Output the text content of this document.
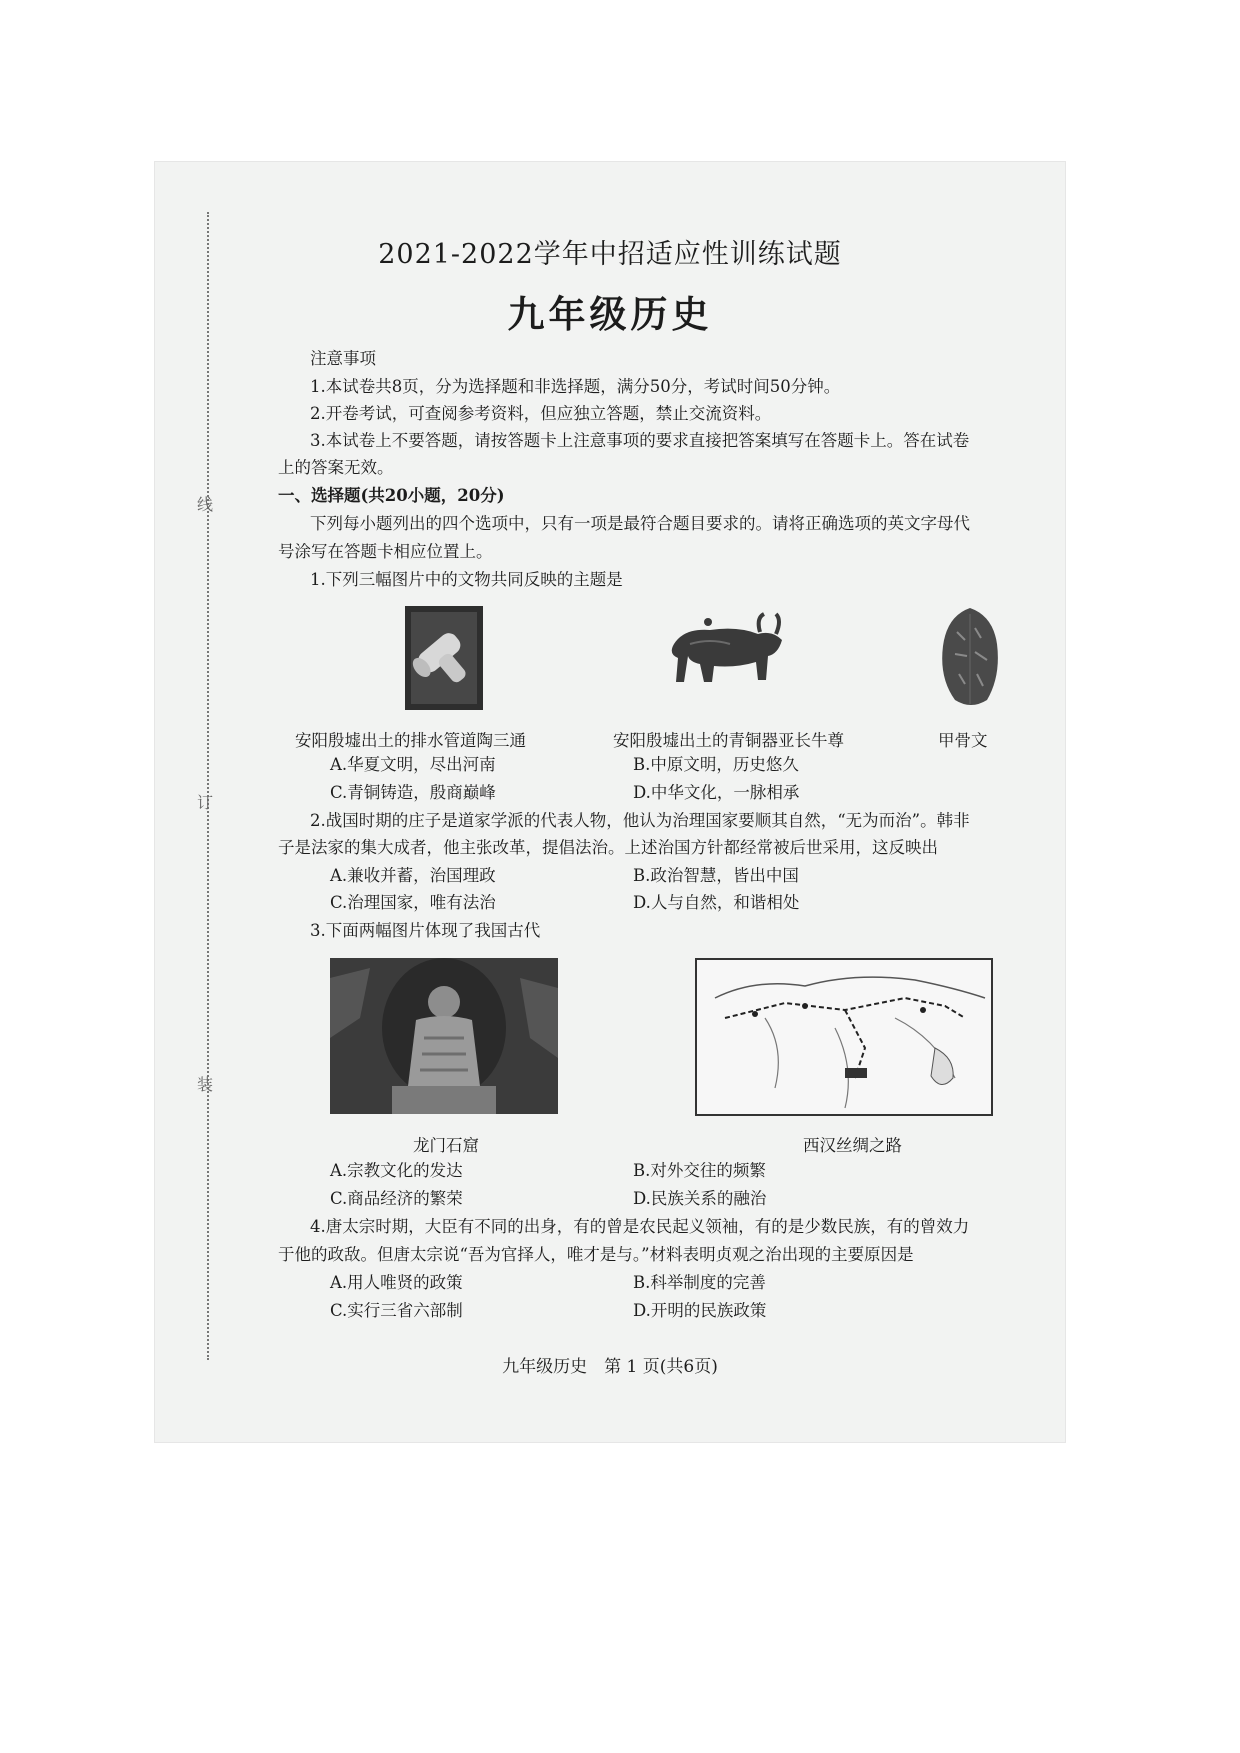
线
订
装
2021-2022学年中招适应性训练试题
九年级历史
注意事项
1.本试卷共8页，分为选择题和非选择题，满分50分，考试时间50分钟。
2.开卷考试，可查阅参考资料，但应独立答题，禁止交流资料。
3.本试卷上不要答题，请按答题卡上注意事项的要求直接把答案填写在答题卡上。答在试卷
上的答案无效。
一、选择题(共20小题，20分)
下列每小题列出的四个选项中，只有一项是最符合题目要求的。请将正确选项的英文字母代
号涂写在答题卡相应位置上。
1.下列三幅图片中的文物共同反映的主题是
安阳殷墟出土的排水管道陶三通	安阳殷墟出土的青铜器亚长牛尊	甲骨文
A.华夏文明，尽出河南	B.中原文明，历史悠久
C.青铜铸造，殷商巅峰	D.中华文化，一脉相承
2.战国时期的庄子是道家学派的代表人物，他认为治理国家要顺其自然，“无为而治”。韩非
子是法家的集大成者，他主张改革，提倡法治。上述治国方针都经常被后世采用，这反映出
A.兼收并蓄，治国理政	B.政治智慧，皆出中国
C.治理国家，唯有法治	D.人与自然，和谐相处
3.下面两幅图片体现了我国古代
龙门石窟	西汉丝绸之路
A.宗教文化的发达	B.对外交往的频繁
C.商品经济的繁荣	D.民族关系的融治
4.唐太宗时期，大臣有不同的出身，有的曾是农民起义领袖，有的是少数民族，有的曾效力
于他的政敌。但唐太宗说“吾为官择人，唯才是与。”材料表明贞观之治出现的主要原因是
A.用人唯贤的政策	B.科举制度的完善
C.实行三省六部制	D.开明的民族政策
九年级历史　第 1 页(共6页)
